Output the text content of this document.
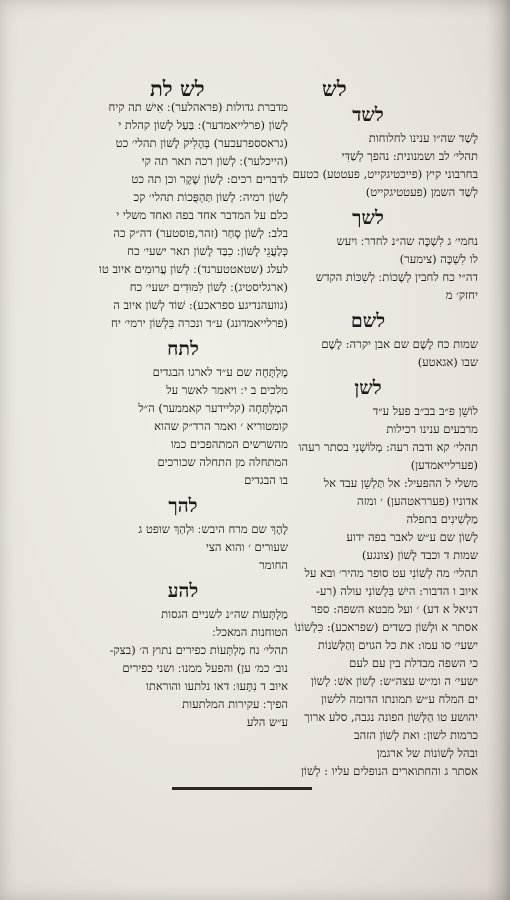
לש
לש לת
לשד
לָשַׁד שה״ו ענינו לחלוחות
תהלי׳ לב ושמנונית: נהפך לְשַׁדִּי
בחרבוני קיץ (פייכטיגקייט, פעטטע) כטעם
לְשַׁד השמן (פעטטיגקייט)
לשך
נחמי׳ ג לִשְׁכָּה שה״נ לחדר ׃ ויעש
לו לִשְׁכָּה (צימער)
דה״י כח לחבין לְשָׁכוֹת ׃ לְשִׁכּוֹת הקדש
יחזק׳ מ
לשם
שמות כח לֶשֶׁם שם אבן יקרה: לֶשֶׁם
שבו (אגאטע)
לשן
לוֹשֵׁן פ״ב בב״ב פעל ע״ד
מרבעים ענינו רכילות
תהלי׳ קא ודבה רעה: מְלוֹשְׁנִי בסתר רעהו
(פערלייאמדען)
משלי ל ההפעיל: אל תַּלְשֵׁן עבד אל
אדוניו (פערראטהען) ׳ ומזה
מַלְשִׁינִים בתפלה
לָשׁוֹן שם ע״ש לאבר בפה ידוע
שמות ד וכבד לָשׁוֹן (צונגע)
תהלי׳ מה לְשׁוֹנִי עט סופר מהיר׳ ובא על
איוב ו הדבור: הישׁ בִּלְשׁוֹנִי עולה (רע-
דניאל א דע) ׳ ועל מבטא השפה: ספר
אסתר א וּלְשׁוֹן כשדים (שפראכע): כִּלְשׁוֹנוֹ
ישעי׳ סו עמו: את כל הגוים וְהַלְּשֹׁנוֹת
כי השפה מבדלת בין עם לעם
ישעי׳ ה ומ״ש עצה״ש: לְשׁוֹן אשׁ ׃ לְשׁוֹן
ים המלח ע״ש תמונתו הדומה ללשון
יהושע טו הַלְּשׁוֹן הפונה נגבה, סלע ארוך
כרמות לשון ׃ ואת לְשׁוֹן הזהב
ובהל לְשׁוֹנוֹת של ארגמן
אסתר ג והחתוארים הנופלים עליו : לְשׁוֹן
מדברת גדולות (פראהלער) ׃ אִישׁ תה קיח
לָשׁוֹן (פרלייאמדער) ׃ בַּעַל לָשׁוֹן קהלת י
(גראסספרעכער) בְּהָלִיק לָשׁוֹן תהלי׳ כט
(הייכלער) ׃ לְשׁוֹן רכה תאר תה קי
לדברים רכים: לְשׁוֹן שֶׁקֶר וכן תה כט
לְשׁוֹן רמיה ׃ לְשׁוֹן תַּהְפֻּכוֹת תהלי׳ קכ
כלם על המדבר אחד בפה ואחד משלי י
בלב: לְשׁוֹן סָחַר (זהר,פוסטער) דה״ק כה
כְּלַעֲגֵי לָשׁוֹן ׃ כִבַּד לָשׁוֹן תאר ישעי׳ כח
לעלג (שטאטטערנד) ׃ לְשׁוֹן עֲרוּמִים איוב טו
(ארגליסטיג) ׃ לְשׁוֹן לִמּוּדִים ישעי׳ כח
(גוועהנדיגע ספראכע): שׁוֹד לְשׁוֹן איוב ה
(פרלייאמדונג) ע״ד ונכרה בִּלְשׁוֹן ירמי׳ יח
לתח
מֶלְתָּחָה שם ע״ד לארגו הבגדים
מלכים ב י ׃ ויאמר לאשר על
המֶלְתָּחָה (קליידער קאממער) ה״ל
קומטוריא ׳ ואמר הרד״ק שהוא
מהשרשים המתהפכים כמו
המתחלה מן התחלה שכורכים
בו הבגדים
להך
לֶהֶךְ שם מרח היבש ׃ וּלְהַךְ שופט ג
שעורים ׳ והוא הצי
החומר
להע
מַלְתְּעוֹת שה״נ לשניים הגסות
הטוחנות המאכל ׃
תהלי׳ נח מַלְתְּעוֹת כפירים נתוץ ה׳ (בצק-
נוב׳ כמ׳ ען) והפעל ממנו ׃ ושני כפירים
איוב ד נִתָּעוּ ׃ דאו נלתעו והוראתו
הפיך ׃ עקירות המלתעות
ע״ש הלע
